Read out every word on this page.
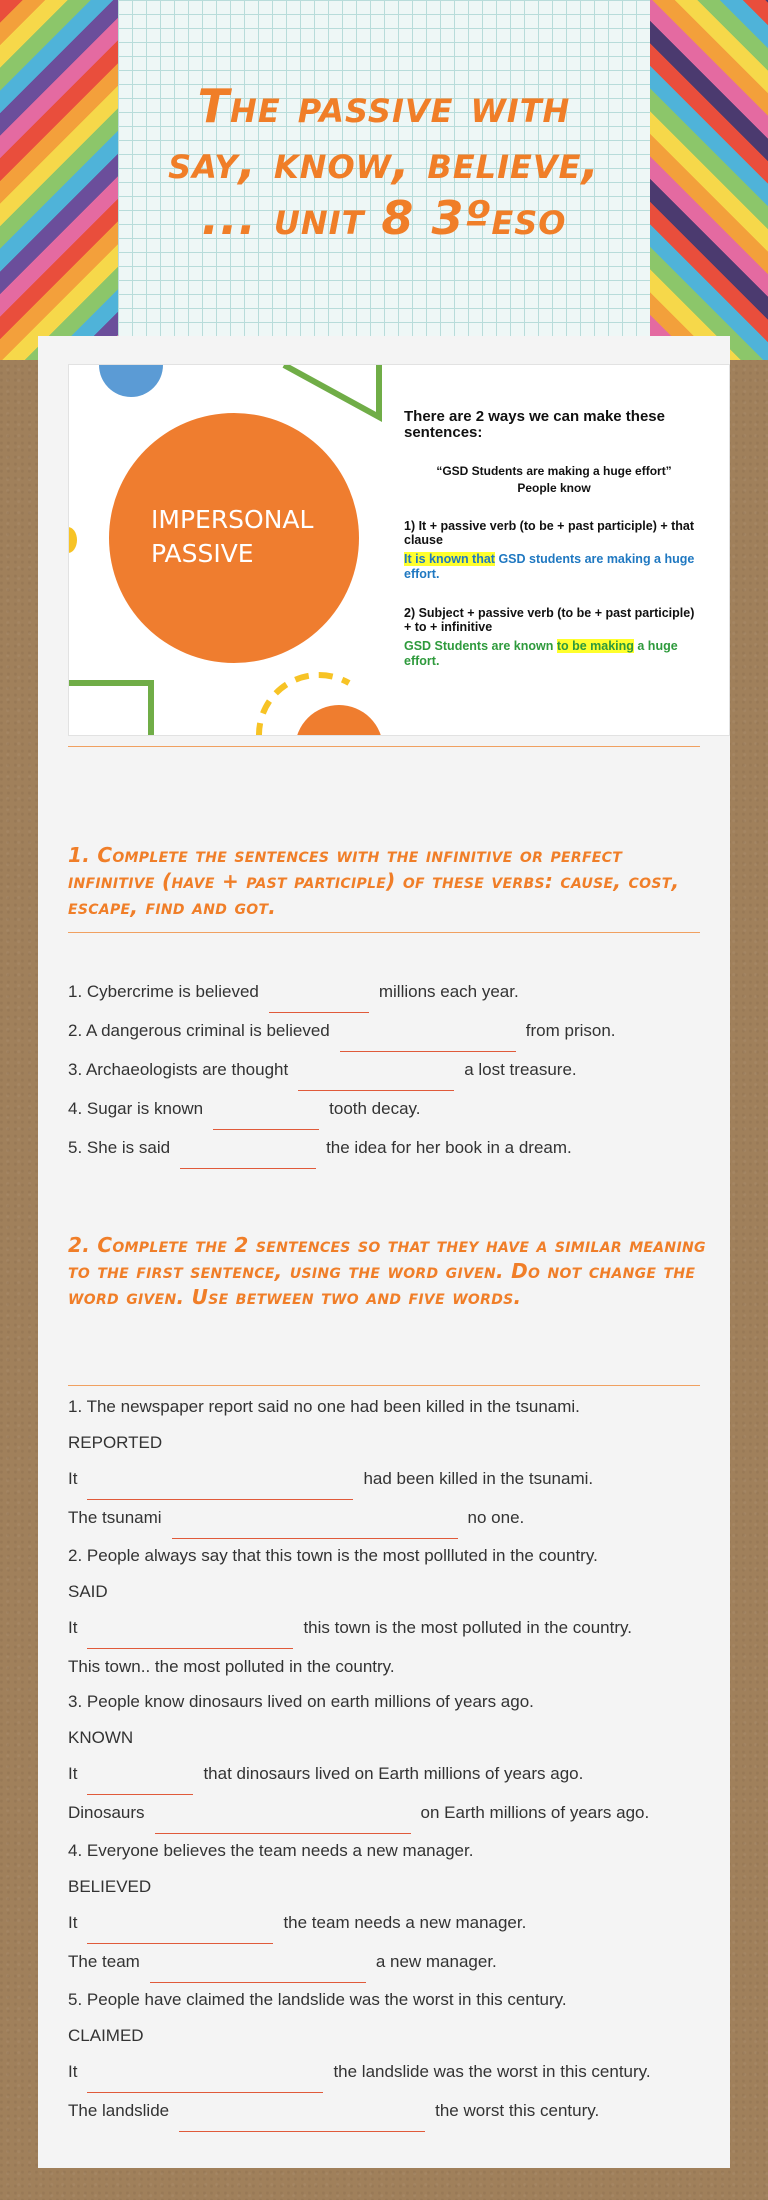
The passive with
say, know, believe,
... unit 8 3ºeso
IMPERSONAL
PASSIVE
There are 2 ways we can make these sentences:
“GSD Students are making a huge effort”
People know
1) It + passive verb (to be + past participle) + that clause
It is known that GSD students are making a huge effort.
2) Subject + passive verb (to be + past participle) + to + infinitive
GSD Students are known to be making a huge effort.
1. Complete the sentences with the infinitive or perfect infinitive (have + past participle) of these verbs: cause, cost, escape, find and got.
1. Cybercrime is believed	millions each year.
2. A dangerous criminal is believed	from prison.
3. Archaeologists are thought	a lost treasure.
4. Sugar is known	tooth decay.
5. She is said	the idea for her book in a dream.
2. Complete the 2 sentences so that they have a similar meaning to the first sentence, using the word given. Do not change the word given. Use between two and five words.
1. The newspaper report said no one had been killed in the tsunami.
REPORTED
It	had been killed in the tsunami.
The tsunami	no one.
2. People always say that this town is the most pollluted in the country.
SAID
It	this town is the most polluted in the country.
This town.. the most polluted in the country.
3. People know dinosaurs lived on earth millions of years ago.
KNOWN
It	that dinosaurs lived on Earth millions of years ago.
Dinosaurs	on Earth millions of years ago.
4. Everyone believes the team needs a new manager.
BELIEVED
It	the team needs a new manager.
The team	a new manager.
5. People have claimed the landslide was the worst in this century.
CLAIMED
It	the landslide was the worst in this century.
The landslide	the worst this century.
